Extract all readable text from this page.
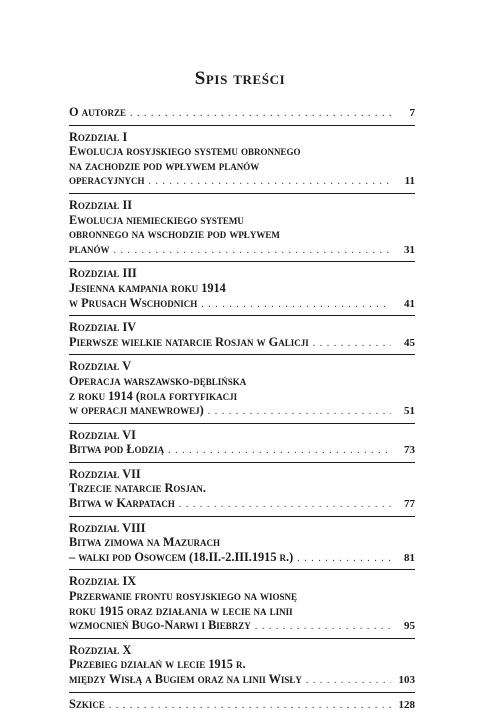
Spis treści
O autorze . . .	7
Rozdział I
Ewolucja rosyjskiego systemu obronnego
na zachodzie pod wpływem planów
operacyjnych . . .	11
Rozdział II
Ewolucja niemieckiego systemu
obronnego na wschodzie pod wpływem
planów . . .	31
Rozdział III
Jesienna kampania roku 1914
w Prusach Wschodnich . . .	41
Rozdział IV
Pierwsze wielkie natarcie Rosjan w Galicji . . .	45
Rozdział V
Operacja warszawsko-dęblińska
z roku 1914 (rola fortyfikacji
w operacji manewrowej) . . .	51
Rozdział VI
Bitwa pod Łodzią . . .	73
Rozdział VII
Trzecie natarcie Rosjan.
Bitwa w Karpatach . . .	77
Rozdział VIII
Bitwa zimowa na Mazurach
– walki pod Osowcem (18.II.-2.III.1915 r.) . . .	81
Rozdział IX
Przerwanie frontu rosyjskiego na wiosnę
roku 1915 oraz działania w lecie na linii
wzmocnień Bugo-Narwi i Biebrzy . . .	95
Rozdział X
Przebieg działań w lecie 1915 r.
między Wisłą a Bugiem oraz na linii Wisły . . .	103
Szkice . . .	128
